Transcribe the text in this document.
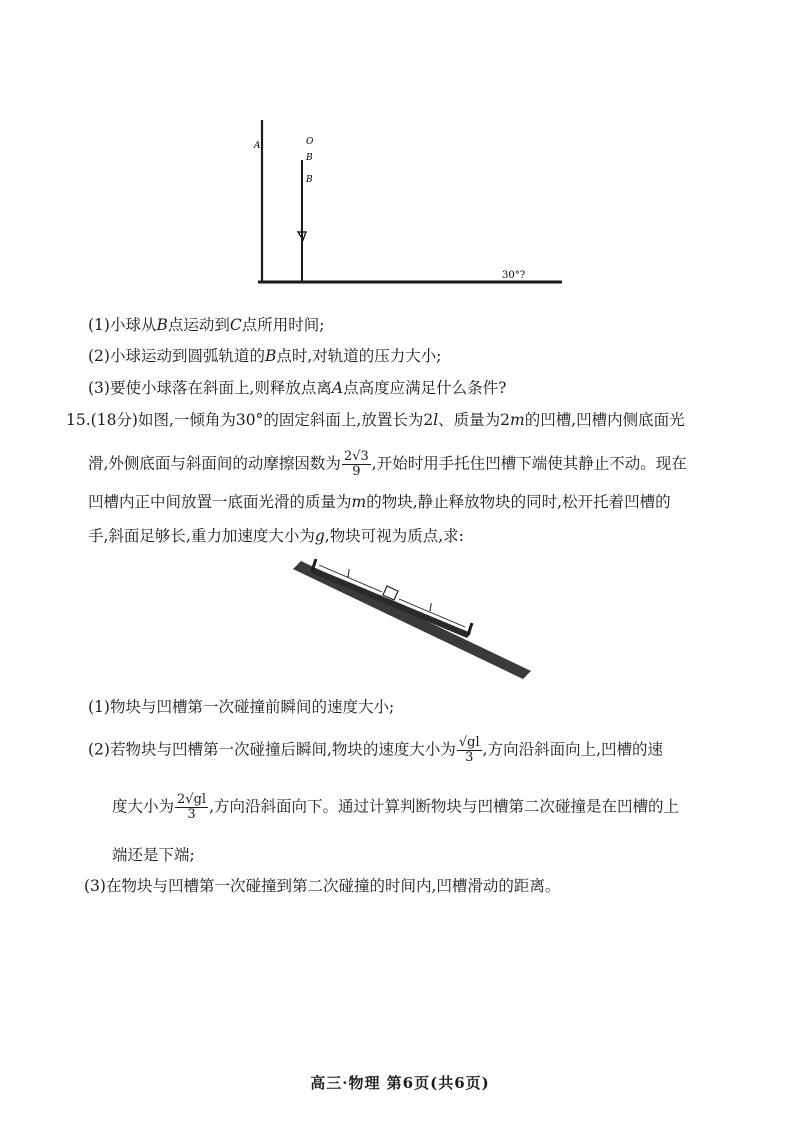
A	O
B
B
30°?
(1)小球从B点运动到C点所用时间;
(2)小球运动到圆弧轨道的B点时,对轨道的压力大小;
(3)要使小球落在斜面上,则释放点离A点高度应满足什么条件?
15.(18分)如图,一倾角为30°的固定斜面上,放置长为2l、质量为2m的凹槽,凹槽内侧底面光
滑,外侧底面与斜面间的动摩擦因数为 $\frac{2√3}{9}$ ,开始时用手托住凹槽下端使其静止不动。现在
凹槽内正中间放置一底面光滑的质量为m的物块,静止释放物块的同时,松开托着凹槽的
手,斜面足够长,重力加速度大小为g,物块可视为质点,求:
l
l
(1)物块与凹槽第一次碰撞前瞬间的速度大小;
(2)若物块与凹槽第一次碰撞后瞬间,物块的速度大小为 $\frac{√gl}{3}$ ,方向沿斜面向上,凹槽的速
度大小为 $\frac{2√gl}{3}$ ,方向沿斜面向下。通过计算判断物块与凹槽第二次碰撞是在凹槽的上
端还是下端;
(3)在物块与凹槽第一次碰撞到第二次碰撞的时间内,凹槽滑动的距离。
高三·物理 第6页(共6页)
